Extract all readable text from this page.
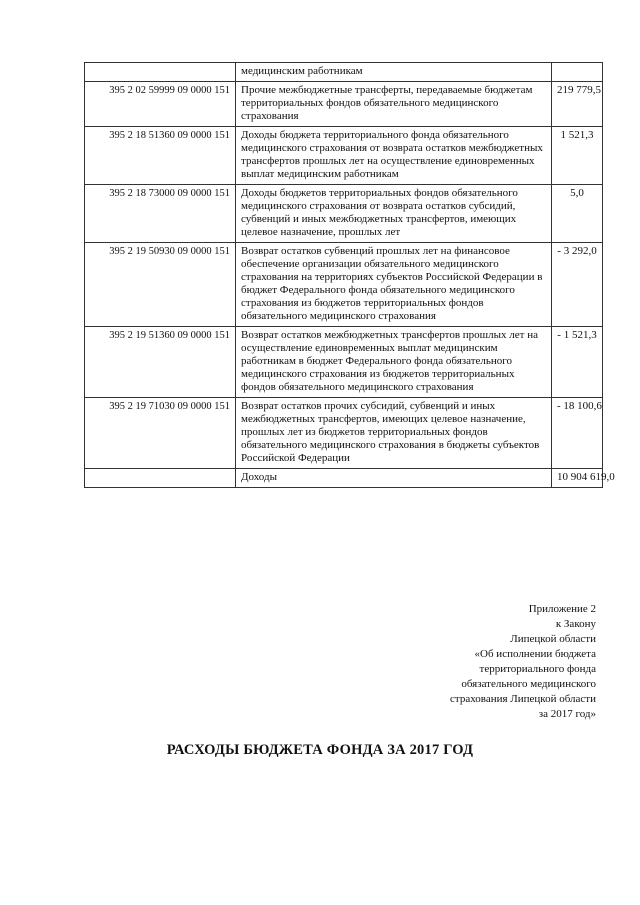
	медицинским работникам	
395 2 02 59999 09 0000 151	Прочие межбюджетные трансферты, передаваемые бюджетам территориальных фондов обязательного медицинского страхования	219 779,5
395 2 18 51360 09 0000 151	Доходы бюджета территориального фонда обязательного медицинского страхования от возврата остатков межбюджетных трансфертов прошлых лет на осуществление единовременных выплат медицинским работникам	1 521,3
395 2 18 73000 09 0000 151	Доходы бюджетов территориальных фондов обязательного медицинского страхования от возврата остатков субсидий, субвенций и иных межбюджетных трансфертов, имеющих целевое назначение, прошлых лет	5,0
395 2 19 50930 09 0000 151	Возврат остатков субвенций прошлых лет на финансовое обеспечение организации обязательного медицинского страхования на территориях субъектов Российской Федерации в бюджет Федерального фонда обязательного медицинского страхования из бюджетов территориальных фондов обязательного медицинского страхования	- 3 292,0
395 2 19 51360 09 0000 151	Возврат остатков межбюджетных трансфертов прошлых лет на осуществление единовременных выплат медицинским работникам в бюджет Федерального фонда обязательного медицинского страхования из бюджетов территориальных фондов обязательного медицинского страхования	- 1 521,3
395 2 19 71030 09 0000 151	Возврат остатков прочих субсидий, субвенций и иных межбюджетных трансфертов, имеющих целевое назначение, прошлых лет из бюджетов территориальных фондов обязательного медицинского страхования в бюджеты субъектов Российской Федерации	- 18 100,6
	Доходы	10 904 619,0
Приложение 2
к Закону
Липецкой области
«Об исполнении бюджета
территориального фонда
обязательного медицинского
страхования Липецкой области
за 2017 год»
РАСХОДЫ БЮДЖЕТА ФОНДА ЗА 2017 ГОД
